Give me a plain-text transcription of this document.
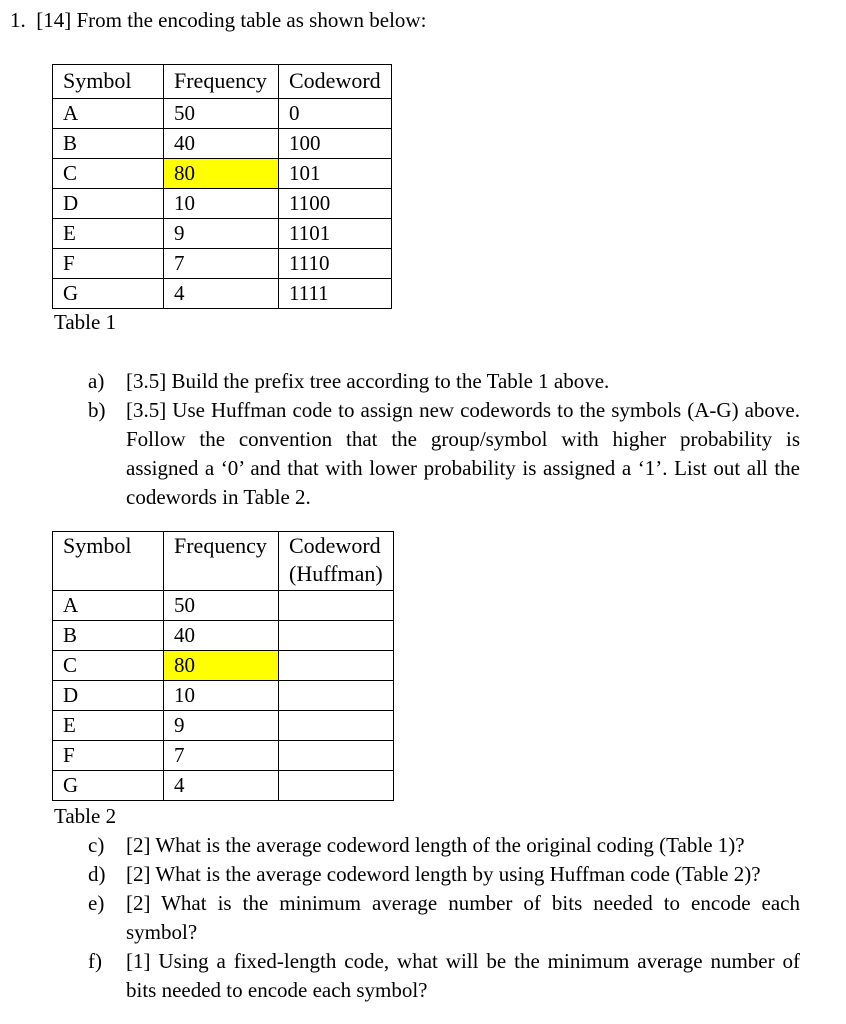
1. [14] From the encoding table as shown below:
Symbol	Frequency	Codeword
A	50	0
B	40	100
C	80	101
D	10	1100
E	9	1101
F	7	1110
G	4	1111
Table 1
a)	[3.5] Build the prefix tree according to the Table 1 above.
b) [3.5] Use Huffman code to assign new codewords to the symbols (A-G) above. Follow the convention that the group/symbol with higher probability is assigned a ‘0’ and that with lower probability is assigned a ‘1’. List out all the codewords in Table 2.
Symbol	Frequency	Codeword (Huffman)
A	50	
B	40	
C	80	
D	10	
E	9	
F	7	
G	4	
Table 2
c)	[2] What is the average codeword length of the original coding (Table 1)?
d) [2] What is the average codeword length by using Huffman code (Table 2)?
e)	[2] What is the minimum average number of bits needed to encode each symbol?
f)	[1] Using a fixed-length code, what will be the minimum average number of bits needed to encode each symbol?
